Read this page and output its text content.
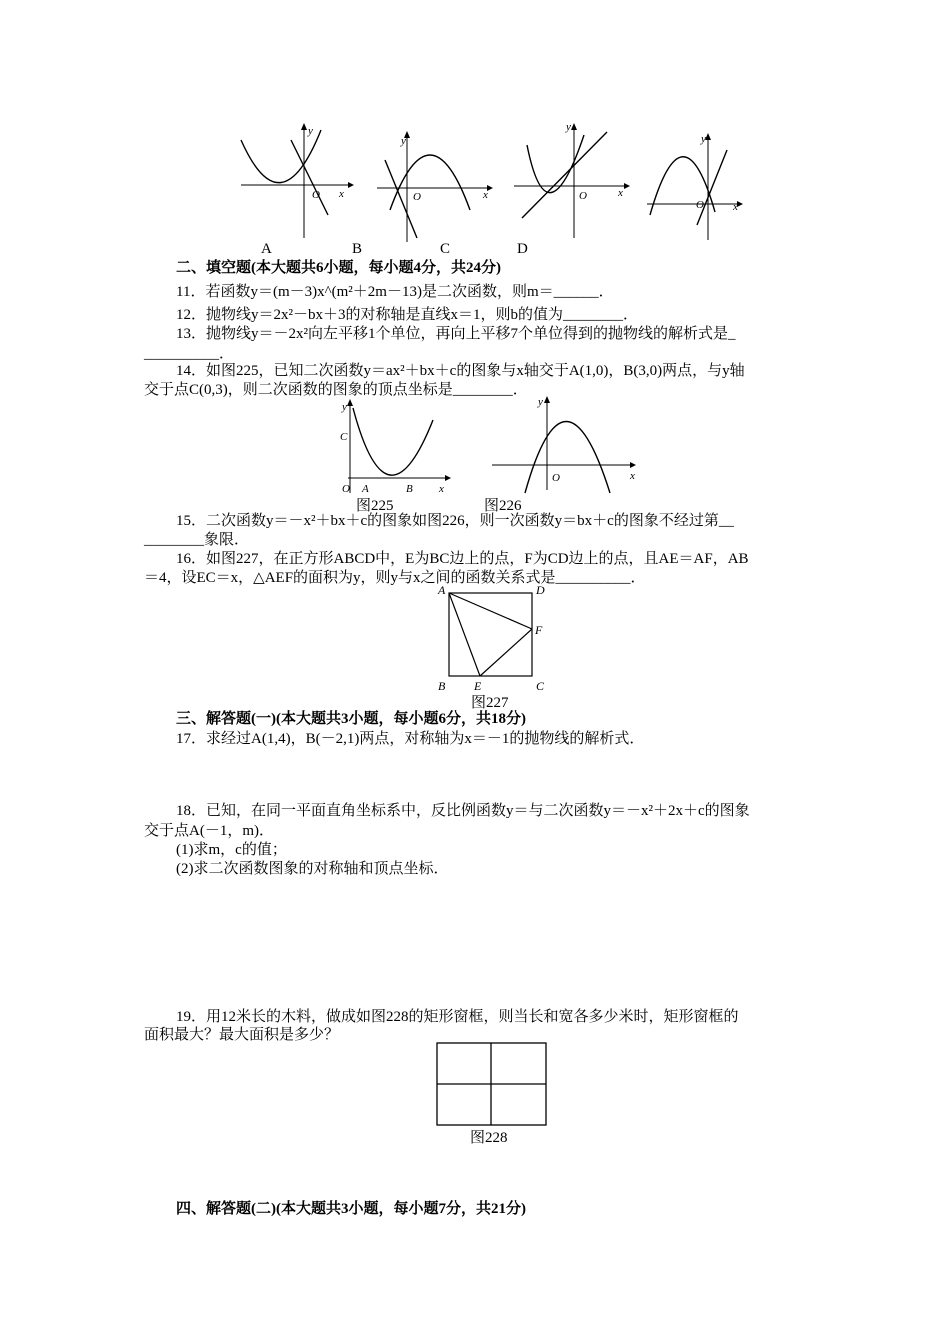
y
x
O
y
x
O
y
x
O
y
x
O
A	B	C	D
二、填空题(本大题共6小题，每小题4分，共24分)
11．若函数y＝(m－3)x^(m²＋2m－13)是二次函数，则m＝______．
12．抛物线y＝2x²－bx＋3的对称轴是直线x＝1，则b的值为________．
13．抛物线y＝－2x²向左平移1个单位，再向上平移7个单位得到的抛物线的解析式是_
__________．
14．如图225，已知二次函数y＝ax²＋bx＋c的图象与x轴交于A(1,0)，B(3,0)两点，与y轴
交于点C(0,3)，则二次函数的图象的顶点坐标是________．
y
C
O A	B x
图225
y
O	x
图226
15．二次函数y＝－x²＋bx＋c的图象如图226，则一次函数y＝bx＋c的图象不经过第__
________象限．
16．如图227，在正方形ABCD中，E为BC边上的点，F为CD边上的点，且AE＝AF，AB
＝4，设EC＝x，△AEF的面积为y，则y与x之间的函数关系式是__________．
A	D
F
B E	C
图227
三、解答题(一)(本大题共3小题，每小题6分，共18分)
17．求经过A(1,4)，B(－2,1)两点，对称轴为x＝－1的抛物线的解析式．
18．已知，在同一平面直角坐标系中，反比例函数y＝与二次函数y＝－x²＋2x＋c的图象
交于点A(－1，m)．
(1)求m，c的值；
(2)求二次函数图象的对称轴和顶点坐标．
19．用12米长的木料，做成如图228的矩形窗框，则当长和宽各多少米时，矩形窗框的
面积最大？最大面积是多少？
图228
四、解答题(二)(本大题共3小题，每小题7分，共21分)
